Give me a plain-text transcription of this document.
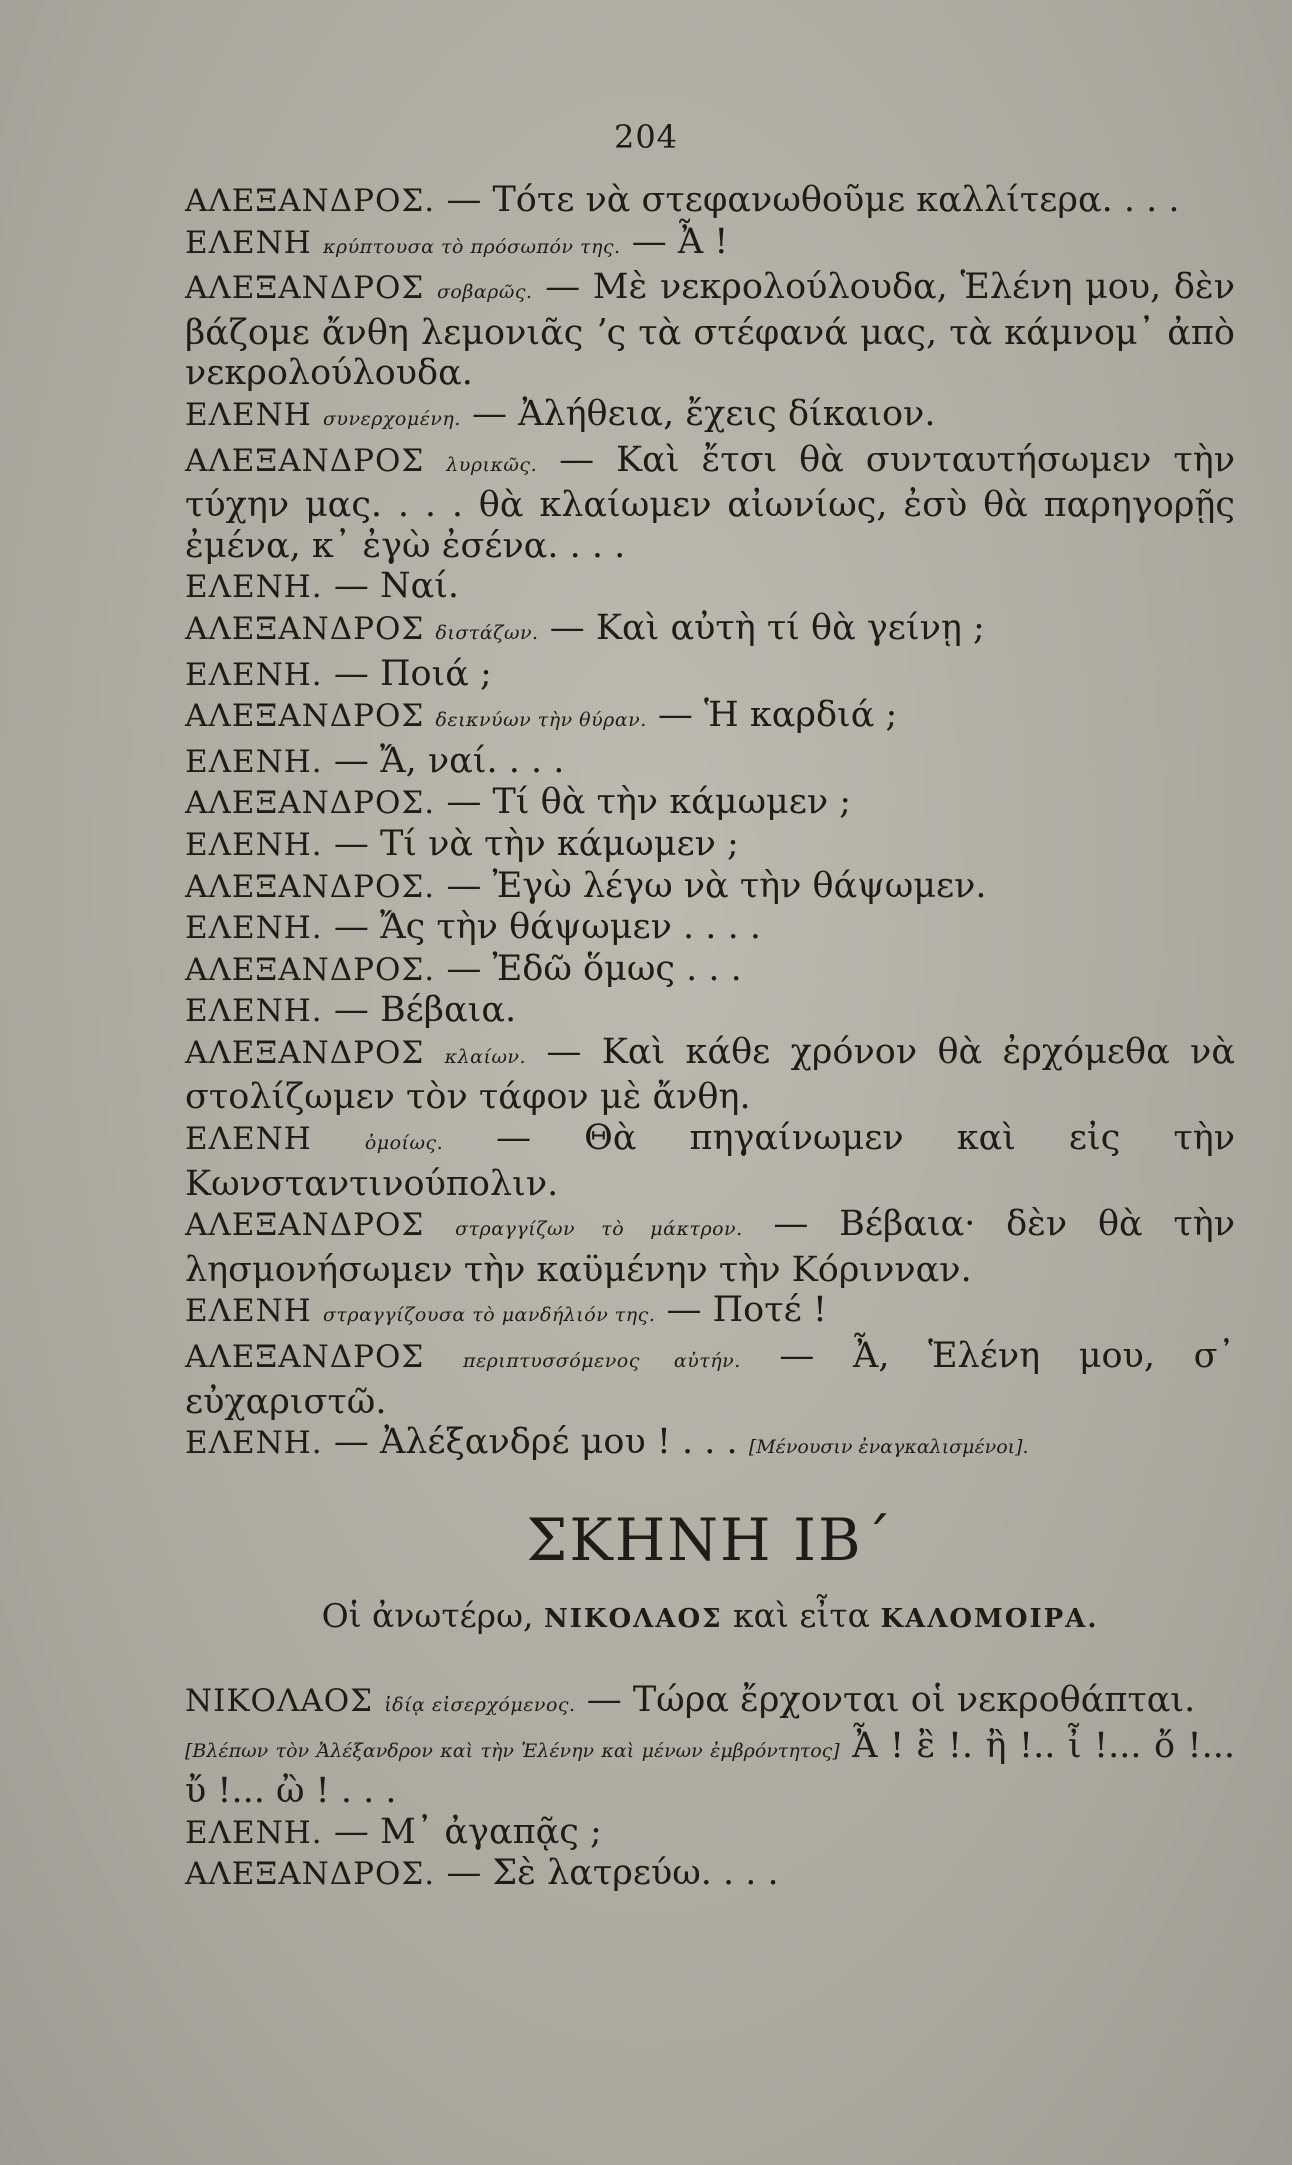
204
ΑΛΕΞΑΝΔΡΟΣ. — Τότε νὰ στεφανωθοῦμε καλλίτερα. . . .
ΕΛΕΝΗ κρύπτουσα τὸ πρόσωπόν της. — Ἆ !
ΑΛΕΞΑΝΔΡΟΣ σοβαρῶς. — Μὲ νεκρολούλουδα, Ἑλένη μου, δὲν βάζομε ἄνθη λεμονιᾶς ʼς τὰ στέφανά μας, τὰ κάμνομ᾿ ἀπὸ νεκρολούλουδα.
ΕΛΕΝΗ συνερχομένη. — Ἀλήθεια, ἔχεις δίκαιον.
ΑΛΕΞΑΝΔΡΟΣ λυρικῶς. — Καὶ ἔτσι θὰ συνταυτήσωμεν τὴν τύχην μας. . . . θὰ κλαίωμεν αἰωνίως, ἐσὺ θὰ παρηγορῇς ἐμένα, κ᾿ ἐγὼ ἐσένα. . . .
ΕΛΕΝΗ. — Ναί.
ΑΛΕΞΑΝΔΡΟΣ διστάζων. — Καὶ αὐτὴ τί θὰ γείνῃ ;
ΕΛΕΝΗ. — Ποιά ;
ΑΛΕΞΑΝΔΡΟΣ δεικνύων τὴν θύραν. — Ἡ καρδιά ;
ΕΛΕΝΗ. — Ἄ, ναί. . . .
ΑΛΕΞΑΝΔΡΟΣ. — Τί θὰ τὴν κάμωμεν ;
ΕΛΕΝΗ. — Τί νὰ τὴν κάμωμεν ;
ΑΛΕΞΑΝΔΡΟΣ. — Ἐγὼ λέγω νὰ τὴν θάψωμεν.
ΕΛΕΝΗ. — Ἄς τὴν θάψωμεν . . . .
ΑΛΕΞΑΝΔΡΟΣ. — Ἐδῶ ὅμως . . .
ΕΛΕΝΗ. — Βέβαια.
ΑΛΕΞΑΝΔΡΟΣ κλαίων. — Καὶ κάθε χρόνον θὰ ἐρχόμεθα νὰ στολίζωμεν τὸν τάφον μὲ ἄνθη.
ΕΛΕΝΗ	ὁμοίως. — Θὰ πηγαίνωμεν καὶ εἰς τὴν Κωνσταντινούπολιν.
ΑΛΕΞΑΝΔΡΟΣ στραγγίζων τὸ μάκτρον. — Βέβαια· δὲν θὰ τὴν λησμονήσωμεν τὴν καϋμένην τὴν Κόρινναν.
ΕΛΕΝΗ στραγγίζουσα τὸ μανδήλιόν της. — Ποτέ !
ΑΛΕΞΑΝΔΡΟΣ περιπτυσσόμενος αὐτήν. — Ἆ, Ἑλένη μου, σ᾿ εὐχαριστῶ.
ΕΛΕΝΗ. — Ἀλέξανδρέ μου ! . . . [Μένουσιν ἐναγκαλισμένοι].
ΣΚΗΝΗ ΙΒ΄
Οἱ ἀνωτέρω, ΝΙΚΟΛΑΟΣ καὶ εἶτα ΚΑΛΟΜΟΙΡΑ.
ΝΙΚΟΛΑΟΣ ἰδίᾳ εἰσερχόμενος. — Τώρα ἔρχονται οἱ νεκροθάπται.
[Βλέπων τὸν Ἀλέξανδρον καὶ τὴν Ἑλένην καὶ μένων ἐμβρόντητος] Ἆ ! ἒ !. ἢ !.. ἶ !... ὄ !... ὔ !... ὢ ! . . .
ΕΛΕΝΗ. — Μ᾿ ἀγαπᾷς ;
ΑΛΕΞΑΝΔΡΟΣ. — Σὲ λατρεύω. . . .
